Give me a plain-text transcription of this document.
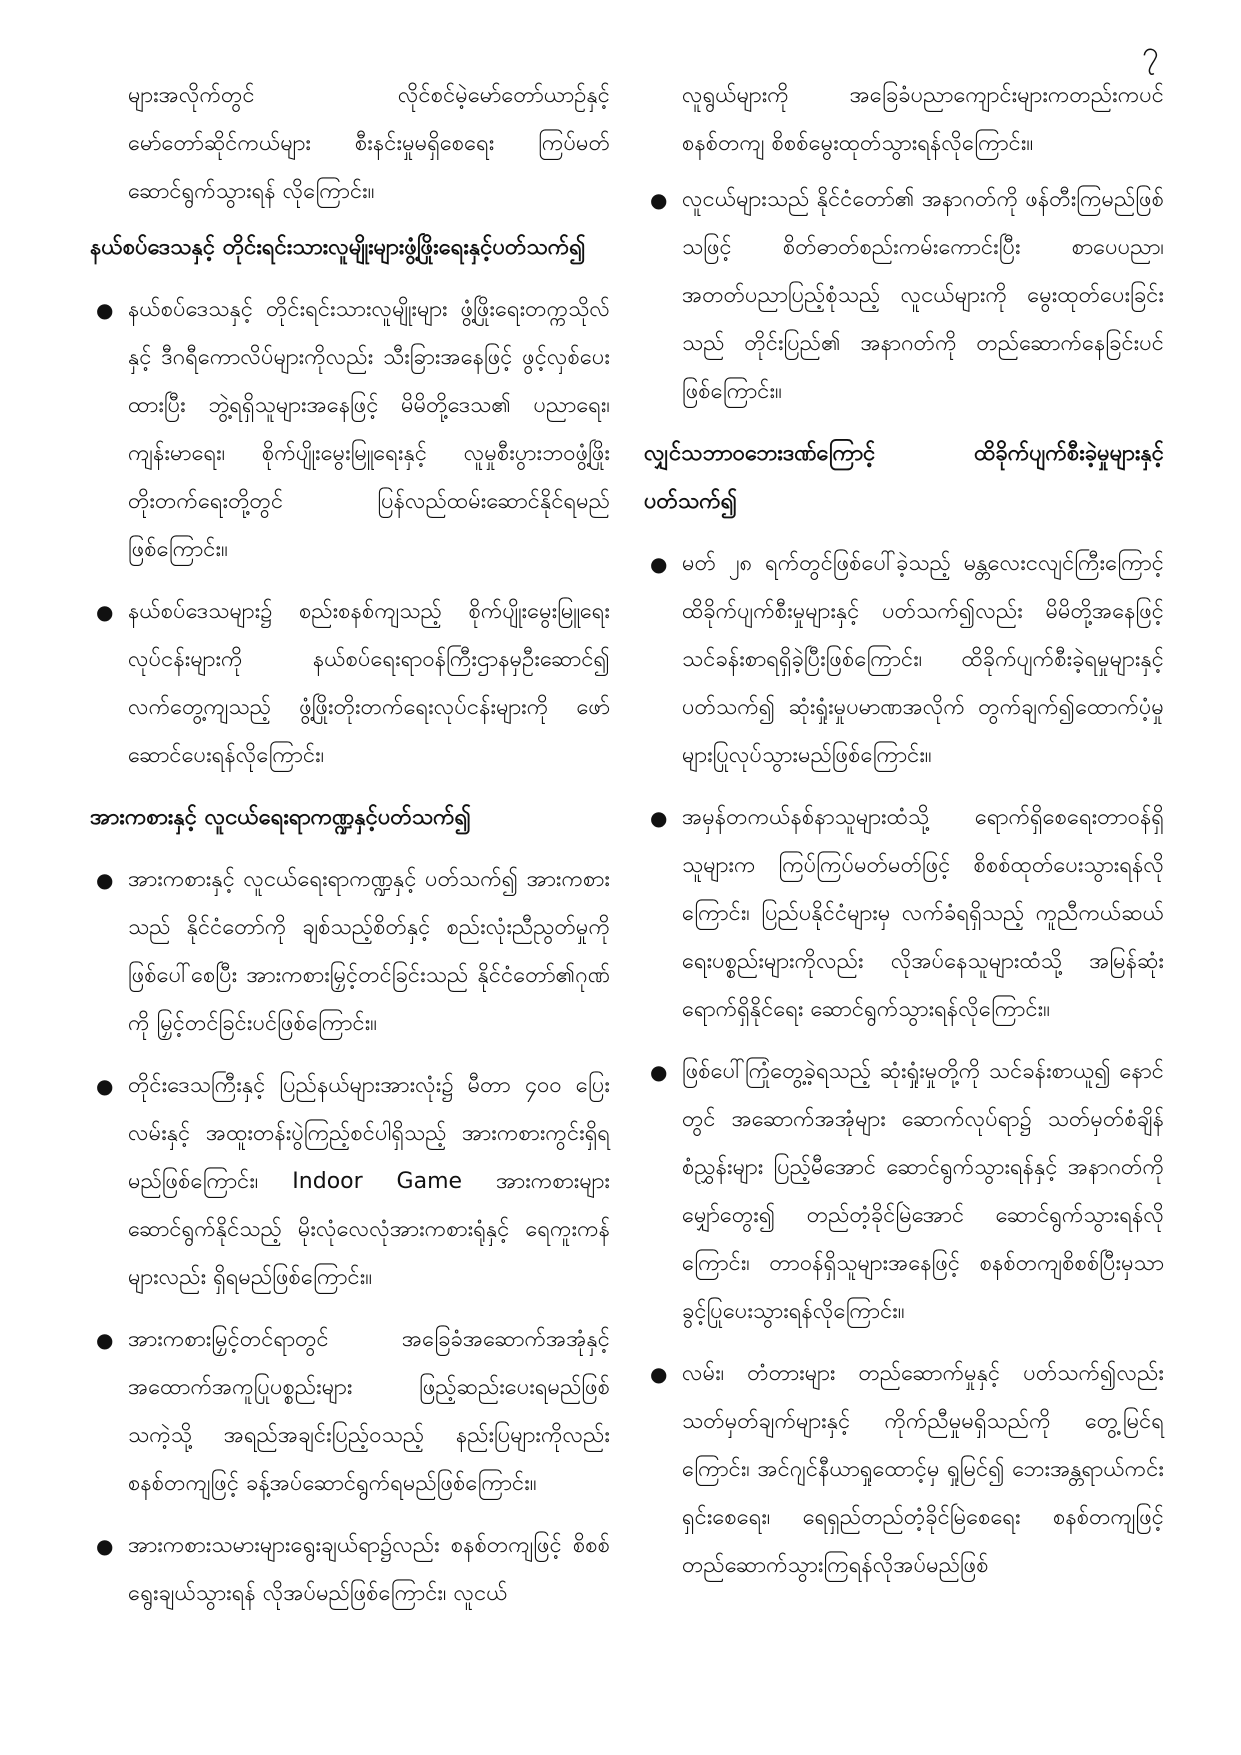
၇

များအလိုက်တွင် လိုင်စင်မဲ့မော်တော်ယာဉ်နှင့် မော်တော်ဆိုင်ကယ်များ စီးနင်းမှုမရှိစေရေး ကြပ်မတ်ဆောင်ရွက်သွားရန် လိုကြောင်း။

နယ်စပ်ဒေသနှင့် တိုင်းရင်းသားလူမျိုးများဖွံ့ဖြိုးရေးနှင့်ပတ်သက်၍
● နယ်စပ်ဒေသနှင့် တိုင်းရင်းသားလူမျိုးများ ဖွံ့ဖြိုးရေးတက္ကသိုလ်နှင့် ဒီဂရီကောလိပ်များကိုလည်း သီးခြားအနေဖြင့် ဖွင့်လှစ်ပေးထားပြီး ဘွဲ့ရရှိသူများအနေဖြင့် မိမိတို့ဒေသ၏ ပညာရေး၊ ကျန်းမာရေး၊ စိုက်ပျိုးမွေးမြူရေးနှင့် လူမှုစီးပွားဘဝဖွံ့ဖြိုးတိုးတက်ရေးတို့တွင် ပြန်လည်ထမ်းဆောင်နိုင်ရမည်ဖြစ်ကြောင်း။
● နယ်စပ်ဒေသများ၌ စည်းစနစ်ကျသည့် စိုက်ပျိုးမွေးမြူရေးလုပ်ငန်းများကို နယ်စပ်ရေးရာဝန်ကြီးဌာနမှဦးဆောင်၍ လက်တွေ့ကျသည့် ဖွံ့ဖြိုးတိုးတက်ရေးလုပ်ငန်းများကို ဖော်ဆောင်ပေးရန်လိုကြောင်း၊
အားကစားနှင့် လူငယ်ရေးရာကဏ္ဍနှင့်ပတ်သက်၍
● အားကစားနှင့် လူငယ်ရေးရာကဏ္ဍနှင့် ပတ်သက်၍ အားကစားသည် နိုင်ငံတော်ကို ချစ်သည့်စိတ်နှင့် စည်းလုံးညီညွတ်မှုကိုဖြစ်ပေါ်စေပြီး အားကစားမြှင့်တင်ခြင်းသည် နိုင်ငံတော်၏ဂုဏ်ကို မြှင့်တင်ခြင်းပင်ဖြစ်ကြောင်း။
● တိုင်းဒေသကြီးနှင့် ပြည်နယ်များအားလုံး၌ မီတာ ၄၀၀ ပြေးလမ်းနှင့် အထူးတန်းပွဲကြည့်စင်ပါရှိသည့် အားကစားကွင်းရှိရမည်ဖြစ်ကြောင်း၊ Indoor Game အားကစားများ ဆောင်ရွက်နိုင်သည့် မိုးလုံလေလုံအားကစားရုံနှင့် ရေကူးကန်များလည်း ရှိရမည်ဖြစ်ကြောင်း။
● အားကစားမြှင့်တင်ရာတွင် အခြေခံအဆောက်အအုံနှင့် အထောက်အကူပြုပစ္စည်းများ ဖြည့်ဆည်းပေးရမည်ဖြစ်သကဲ့သို့ အရည်အချင်းပြည့်ဝသည့် နည်းပြများကိုလည်း စနစ်တကျဖြင့် ခန့်အပ်ဆောင်ရွက်ရမည်ဖြစ်ကြောင်း။
● အားကစားသမားများရွေးချယ်ရာ၌လည်း စနစ်တကျဖြင့် စိစစ်ရွေးချယ်သွားရန် လိုအပ်မည်ဖြစ်ကြောင်း၊ လူငယ်

လူရွယ်များကို အခြေခံပညာကျောင်းများကတည်းကပင် စနစ်တကျ စိစစ်မွေးထုတ်သွားရန်လိုကြောင်း။

● လူငယ်များသည် နိုင်ငံတော်၏ အနာဂတ်ကို ဖန်တီးကြမည်ဖြစ်သဖြင့် စိတ်ဓာတ်စည်းကမ်းကောင်းပြီး စာပေပညာ၊ အတတ်ပညာပြည့်စုံသည့် လူငယ်များကို မွေးထုတ်ပေးခြင်းသည် တိုင်းပြည်၏ အနာဂတ်ကို တည်ဆောက်နေခြင်းပင်ဖြစ်ကြောင်း။
လျှင်သဘာဝဘေးဒဏ်ကြောင့် ထိခိုက်ပျက်စီးခဲ့မှုများနှင့်ပတ်သက်၍
● မတ် ၂၈ ရက်တွင်ဖြစ်ပေါ်ခဲ့သည့် မန္တလေးငလျင်ကြီးကြောင့် ထိခိုက်ပျက်စီးမှုများနှင့် ပတ်သက်၍လည်း မိမိတို့အနေဖြင့် သင်ခန်းစာရရှိခဲ့ပြီးဖြစ်ကြောင်း၊ ထိခိုက်ပျက်စီးခဲ့ရမှုများနှင့်ပတ်သက်၍ ဆုံးရှုံးမှုပမာဏအလိုက် တွက်ချက်၍ထောက်ပံ့မှုများပြုလုပ်သွားမည်ဖြစ်ကြောင်း။
● အမှန်တကယ်နစ်နာသူများထံသို့ ရောက်ရှိစေရေးတာဝန်ရှိသူများက ကြပ်ကြပ်မတ်မတ်ဖြင့် စိစစ်ထုတ်ပေးသွားရန်လိုကြောင်း၊ ပြည်ပနိုင်ငံများမှ လက်ခံရရှိသည့် ကူညီကယ်ဆယ်ရေးပစ္စည်းများကိုလည်း လိုအပ်နေသူများထံသို့ အမြန်ဆုံးရောက်ရှိနိုင်ရေး ဆောင်ရွက်သွားရန်လိုကြောင်း။
● ဖြစ်ပေါ်ကြုံတွေ့ခဲ့ရသည့် ဆုံးရှုံးမှုတို့ကို သင်ခန်းစာယူ၍ နောင်တွင် အဆောက်အအုံများ ဆောက်လုပ်ရာ၌ သတ်မှတ်စံချိန်စံညွှန်းများ ပြည့်မီအောင် ဆောင်ရွက်သွားရန်နှင့် အနာဂတ်ကို မျှော်တွေး၍ တည်တံ့ခိုင်မြဲအောင် ဆောင်ရွက်သွားရန်လိုကြောင်း၊ တာဝန်ရှိသူများအနေဖြင့် စနစ်တကျစိစစ်ပြီးမှသာ ခွင့်ပြုပေးသွားရန်လိုကြောင်း။
● လမ်း၊ တံတားများ တည်ဆောက်မှုနှင့် ပတ်သက်၍လည်း သတ်မှတ်ချက်များနှင့် ကိုက်ညီမှုမရှိသည်ကို တွေ့မြင်ရကြောင်း၊ အင်ဂျင်နီယာရှုထောင့်မှ ရှုမြင်၍ ဘေးအန္တရာယ်ကင်းရှင်းစေရေး၊ ရေရှည်တည်တံ့ခိုင်မြဲစေရေး စနစ်တကျဖြင့် တည်ဆောက်သွားကြရန်လိုအပ်မည်ဖြစ်
